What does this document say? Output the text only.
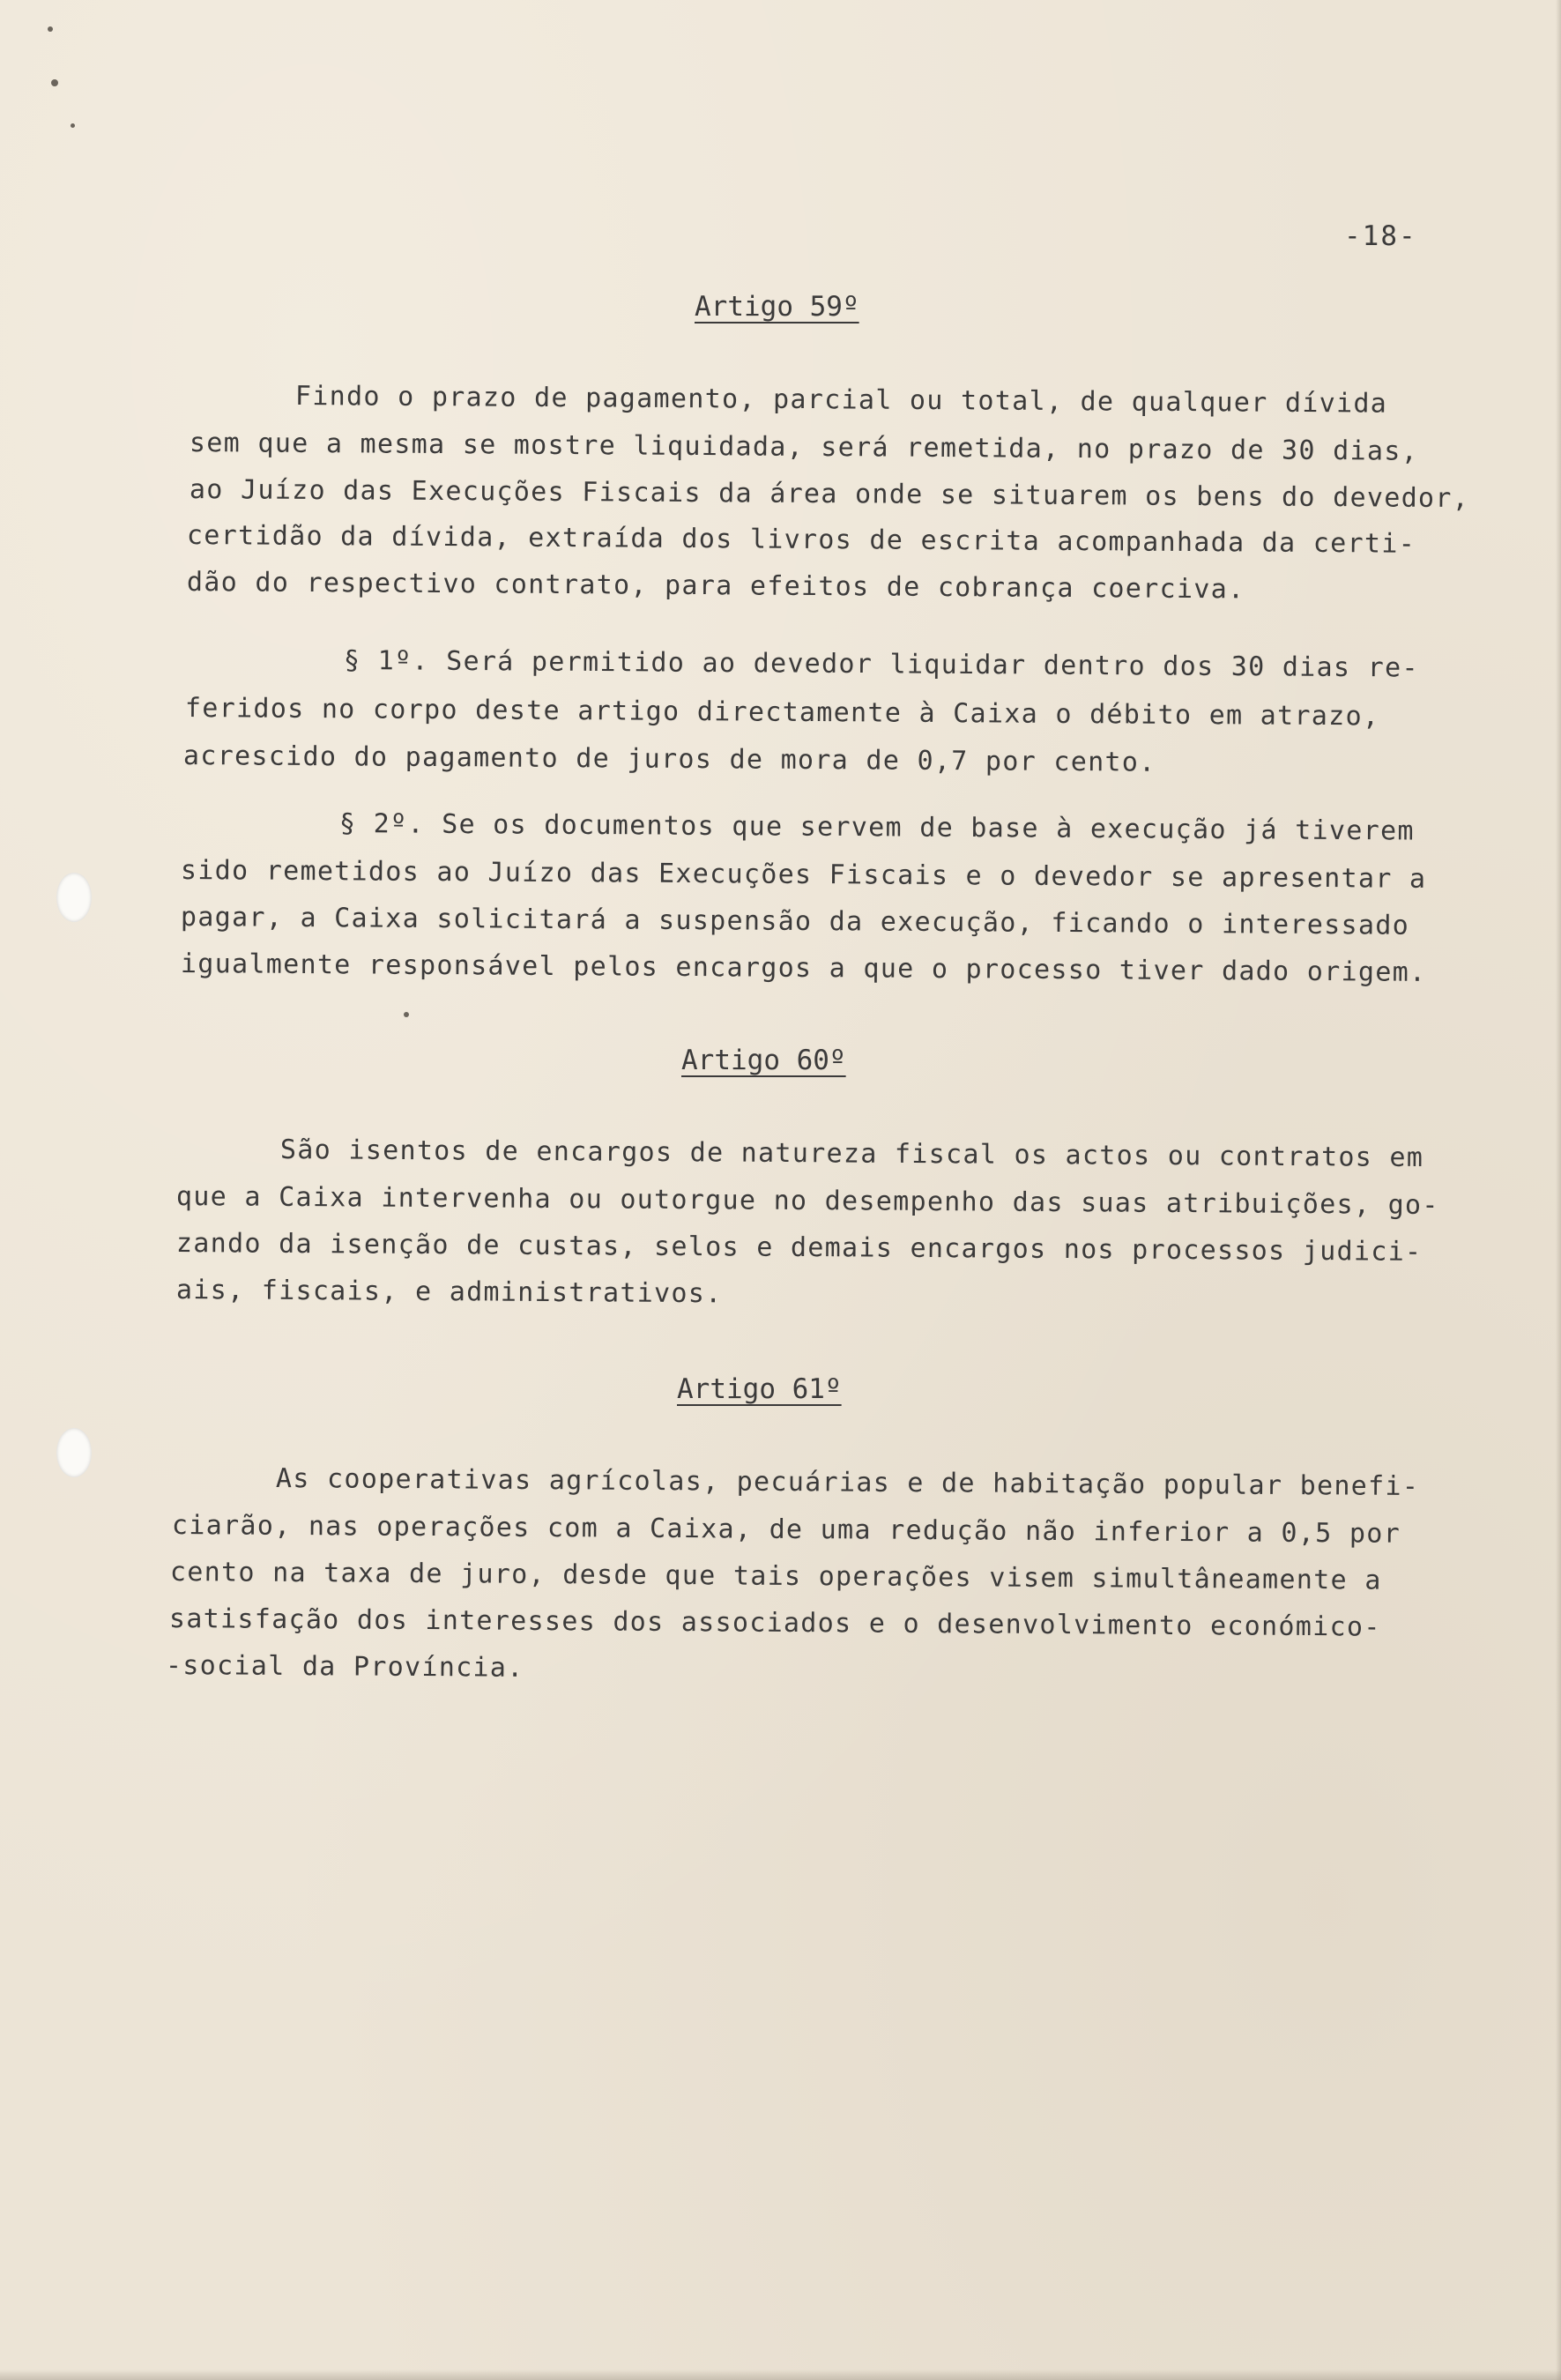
-18-
Artigo 59º
Findo o prazo de pagamento, parcial ou total, de qualquer dívida
sem que a mesma se mostre liquidada, será remetida, no prazo de 30 dias,
ao Juízo das Execuções Fiscais da área onde se situarem os bens do devedor,
certidão da dívida, extraída dos livros de escrita acompanhada da certi-
dão do respectivo contrato, para efeitos de cobrança coerciva.
§ 1º. Será permitido ao devedor liquidar dentro dos 30 dias re-
feridos no corpo deste artigo directamente à Caixa o débito em atrazo,
acrescido do pagamento de juros de mora de 0,7 por cento.
§ 2º. Se os documentos que servem de base à execução já tiverem
sido remetidos ao Juízo das Execuções Fiscais e o devedor se apresentar a
pagar, a Caixa solicitará a suspensão da execução, ficando o interessado
igualmente responsável pelos encargos a que o processo tiver dado origem.
Artigo 60º
São isentos de encargos de natureza fiscal os actos ou contratos em
que a Caixa intervenha ou outorgue no desempenho das suas atribuições, go-
zando da isenção de custas, selos e demais encargos nos processos judici-
ais, fiscais, e administrativos.
Artigo 61º
As cooperativas agrícolas, pecuárias e de habitação popular benefi-
ciarão, nas operações com a Caixa, de uma redução não inferior a 0,5 por
cento na taxa de juro, desde que tais operações visem simultâneamente a
satisfação dos interesses dos associados e o desenvolvimento económico-
-social da Província.
